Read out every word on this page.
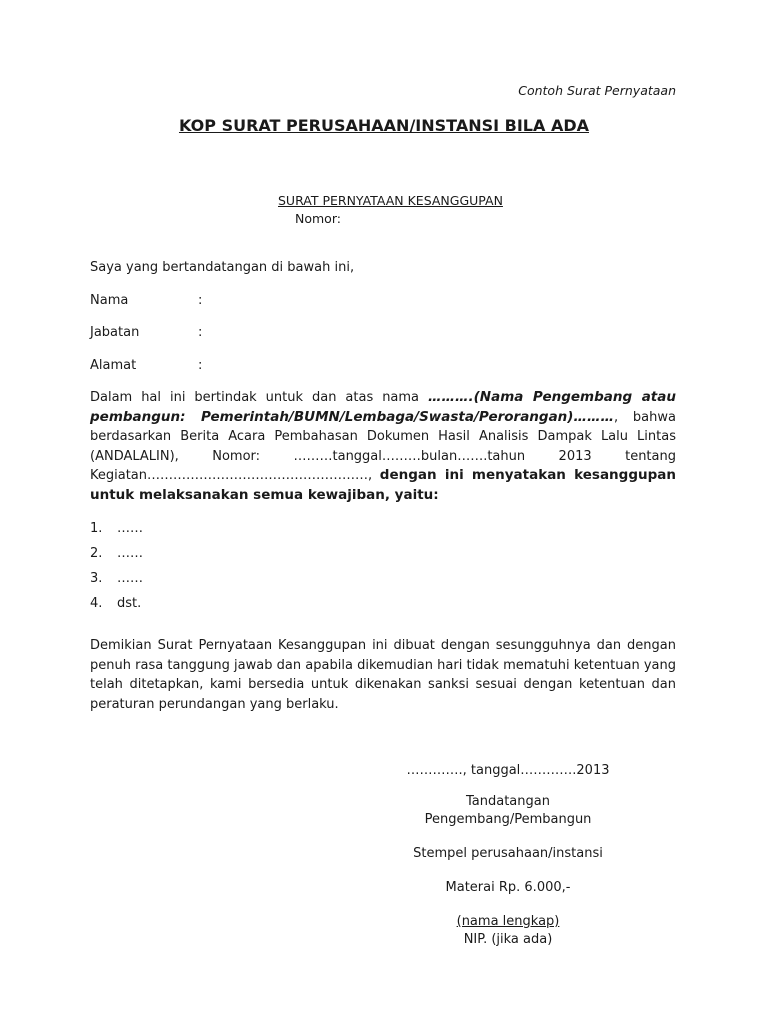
Contoh Surat Pernyataan
KOP SURAT PERUSAHAAN/INSTANSI BILA ADA
SURAT PERNYATAAN KESANGGUPAN
Nomor:
Saya yang bertandatangan di bawah ini,
Nama	:
Jabatan	:
Alamat	:
Dalam hal ini bertindak untuk dan atas nama ……….(Nama Pengembang atau pembangun: Pemerintah/BUMN/Lembaga/Swasta/Perorangan)………, bahwa berdasarkan Berita Acara Pembahasan Dokumen Hasil Analisis Dampak Lalu Lintas (ANDALALIN), Nomor: ………tanggal………bulan…….tahun 2013 tentang Kegiatan……………………………………………, dengan ini menyatakan kesanggupan untuk melaksanakan semua kewajiban, yaitu:
1. ……
2. ……
3. ……
4. dst.
Demikian Surat Pernyataan Kesanggupan ini dibuat dengan sesungguhnya dan dengan penuh rasa tanggung jawab dan apabila dikemudian hari tidak mematuhi ketentuan yang telah ditetapkan, kami bersedia untuk dikenakan sanksi sesuai dengan ketentuan dan peraturan perundangan yang berlaku.
…………., tanggal………….2013
Tandatangan
Pengembang/Pembangun
Stempel perusahaan/instansi
Materai Rp. 6.000,-
(nama lengkap)
NIP. (jika ada)
